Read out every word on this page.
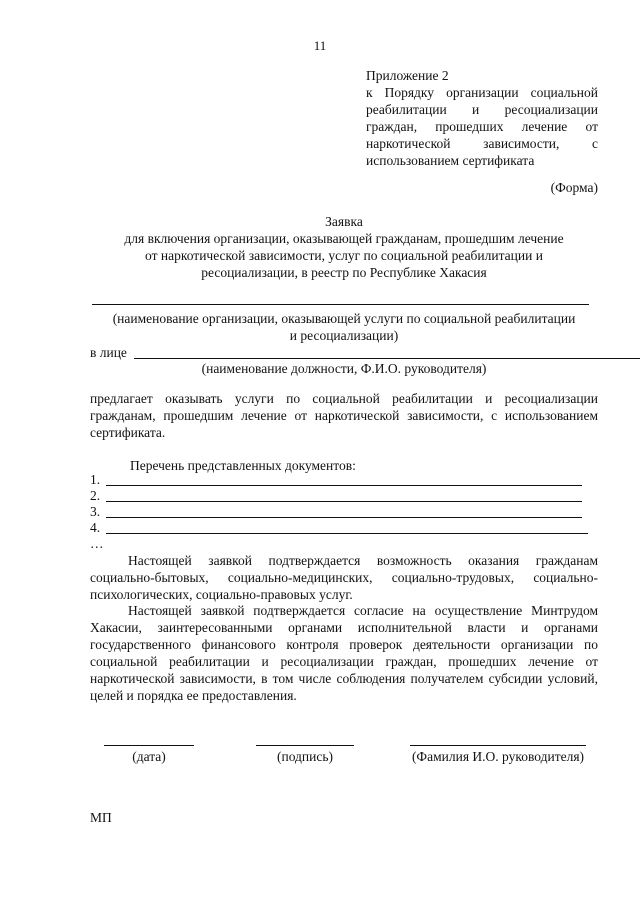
11
Приложение 2
к Порядку организации социальной
реабилитации и ресоциализации
граждан, прошедших лечение от
наркотической зависимости, с
использованием сертификата
(Форма)
Заявка
для включения организации, оказывающей гражданам, прошедшим лечение
от наркотической зависимости, услуг по социальной реабилитации и
ресоциализации, в реестр по Республике Хакасия
(наименование организации, оказывающей услуги по социальной реабилитации
и ресоциализации)
в лице
(наименование должности, Ф.И.О. руководителя)
предлагает оказывать услуги по социальной реабилитации и ресоциализации гражданам, прошедшим лечение от наркотической зависимости, с использованием сертификата.
Перечень представленных документов:
1.
2.
3.
4.
…
Настоящей заявкой подтверждается возможность оказания гражданам социально-бытовых, социально-медицинских, социально-трудовых, социально-психологических, социально-правовых услуг.
Настоящей заявкой подтверждается согласие на осуществление Минтрудом Хакасии, заинтересованными органами исполнительной власти и органами государственного финансового контроля проверок деятельности организации по социальной реабилитации и ресоциализации граждан, прошедших лечение от наркотической зависимости, в том числе соблюдения получателем субсидии условий, целей и порядка ее предоставления.
(дата)	(подпись)	(Фамилия И.О. руководителя)
МП
